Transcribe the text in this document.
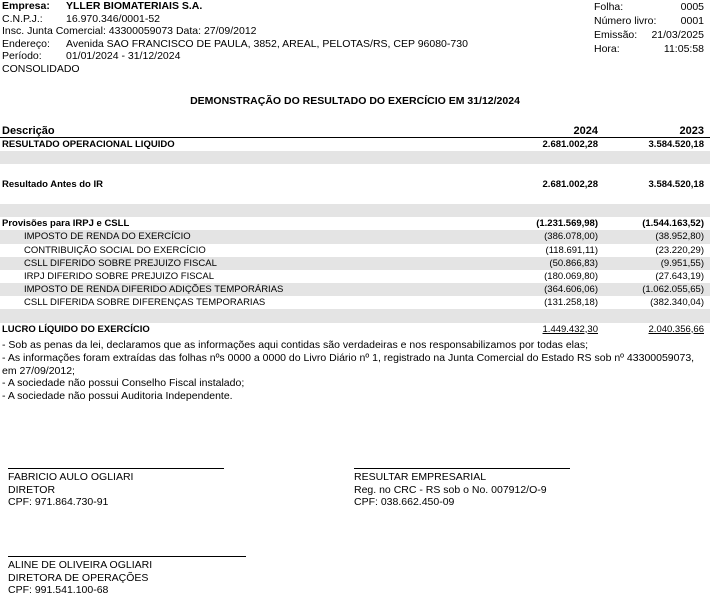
Empresa:	YLLER BIOMATERIAIS S.A.
C.N.P.J.:	16.970.346/0001-52
Insc. Junta Comercial: 43300059073 Data: 27/09/2012
Endereço:	Avenida SAO FRANCISCO DE PAULA, 3852, AREAL, PELOTAS/RS, CEP 96080-730
Período:	01/01/2024 - 31/12/2024
CONSOLIDADO
Folha:	0005
Número livro: 0001
Emissão: 21/03/2025
Hora:	11:05:58
DEMONSTRAÇÃO DO RESULTADO DO EXERCÍCIO EM 31/12/2024
Descrição	2024	2023
RESULTADO OPERACIONAL LIQUIDO	2.681.002,28	3.584.520,18
Resultado Antes do IR	2.681.002,28	3.584.520,18
Provisões para IRPJ e CSLL	(1.231.569,98)	(1.544.163,52)
IMPOSTO DE RENDA DO EXERCÍCIO	(386.078,00)	(38.952,80)
CONTRIBUIÇÃO SOCIAL DO EXERCÍCIO	(118.691,11)	(23.220,29)
CSLL DIFERIDO SOBRE PREJUIZO FISCAL	(50.866,83)	(9.951,55)
IRPJ DIFERIDO SOBRE PREJUIZO FISCAL	(180.069,80)	(27.643,19)
IMPOSTO DE RENDA DIFERIDO ADIÇÕES TEMPORÁRIAS	(364.606,06)	(1.062.055,65)
CSLL DIFERIDA SOBRE DIFERENÇAS TEMPORARIAS	(131.258,18)	(382.340,04)
LUCRO LÍQUIDO DO EXERCÍCIO	1.449.432,30	2.040.356,66

- Sob as penas da lei, declaramos que as informações aqui contidas são verdadeiras e nos responsabilizamos por todas elas;

- As informações foram extraídas das folhas nºs 0000 a 0000 do Livro Diário nº 1, registrado na Junta Comercial do Estado RS sob nº 43300059073, em 27/09/2012;

- A sociedade não possui Conselho Fiscal instalado;

- A sociedade não possui Auditoria Independente.

FABRICIO AULO OGLIARI

DIRETOR

CPF: 971.864.730-91

RESULTAR EMPRESARIAL

Reg. no CRC - RS sob o No. 007912/O-9

CPF: 038.662.450-09

ALINE DE OLIVEIRA OGLIARI

DIRETORA DE OPERAÇÕES

CPF: 991.541.100-68
